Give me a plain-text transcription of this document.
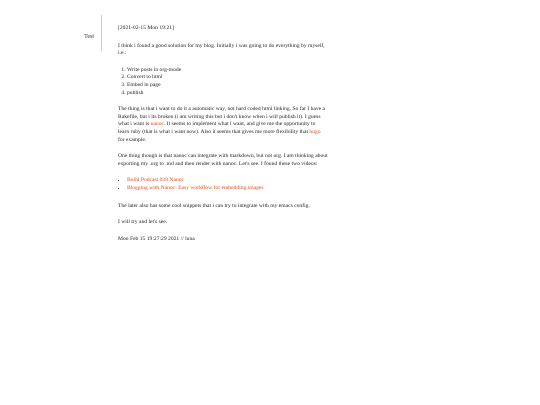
Test
[2021-02-15 Mon 19:21]

I think i found a good solution for my blog. Initially i was going to do everything by myself, i.e.:

1. Write posts in org-mode
2. Convert to html
3. Embed in page
4. publish

The thing is that i want to do it a automatic way, not hard coded html linking. So far I have a Rakefile, but i its broken (i am writing this but i don't know when i will publish it). I guess what i want is nanoc. It seems to implement what i want, and give me the opportunity to learn ruby (that is what i want now). Also it seems that gives me more flexibility that hugo for example.

One thing though is that nanoc can integrate with markdown, but not org. I am thinking about exporting my .org to .md and then render with nanoc. Let's see. I found these two videos:

• Build Podcast 028 Nanoc
• Blogging with Nanoc: Easy workflow for embedding images

The later also has some cool snippets that i can try to integrate with my emacs config.

I will try and let's see.

Mon Feb 15 19:27:29 2021 // luna
